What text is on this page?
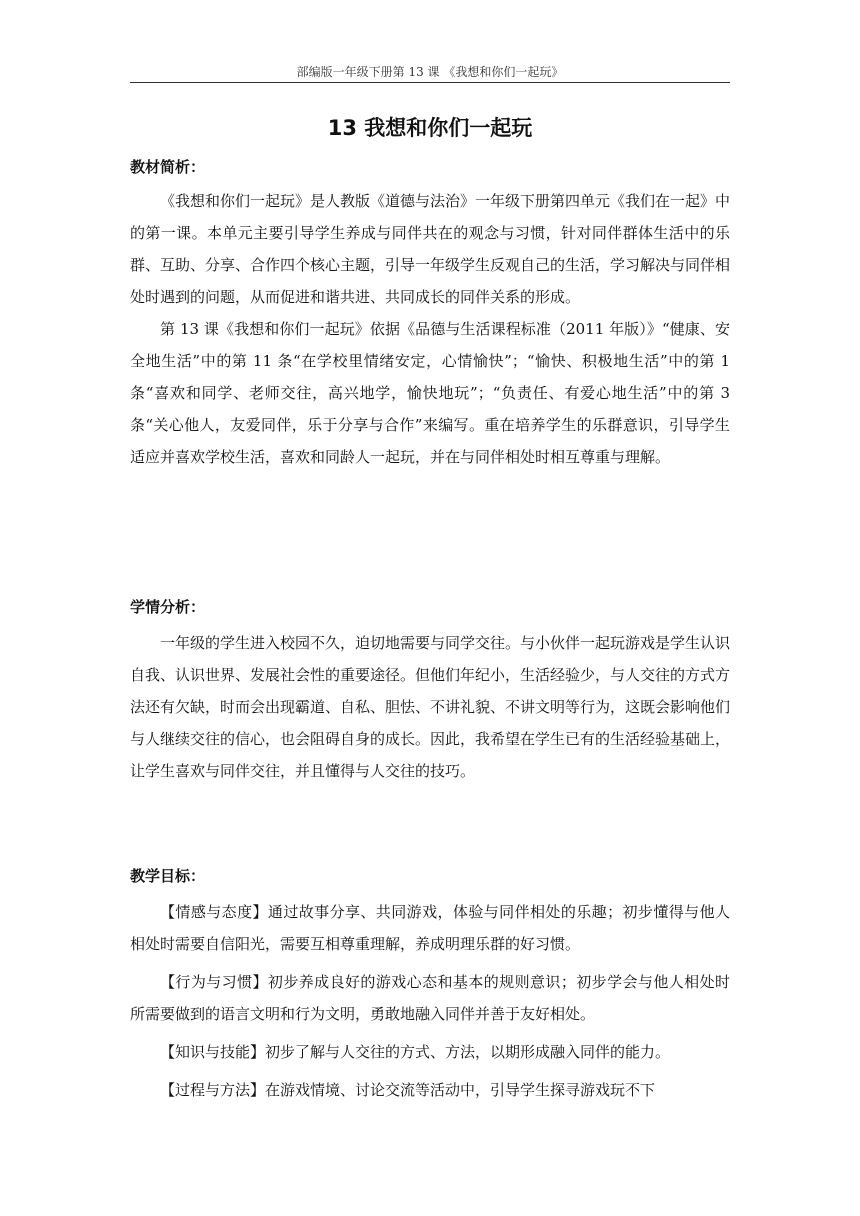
部编版一年级下册第 13 课 《我想和你们一起玩》
13 我想和你们一起玩

教材简析：

《我想和你们一起玩》是人教版《道德与法治》一年级下册第四单元《我们在一起》中的第一课。本单元主要引导学生养成与同伴共在的观念与习惯，针对同伴群体生活中的乐群、互助、分享、合作四个核心主题，引导一年级学生反观自己的生活，学习解决与同伴相处时遇到的问题，从而促进和谐共进、共同成长的同伴关系的形成。

第 13 课《我想和你们一起玩》依据《品德与生活课程标准（2011 年版）》“健康、安全地生活”中的第 11 条“在学校里情绪安定，心情愉快”；“愉快、积极地生活”中的第 1 条“喜欢和同学、老师交往，高兴地学，愉快地玩”；“负责任、有爱心地生活”中的第 3 条“关心他人，友爱同伴，乐于分享与合作”来编写。重在培养学生的乐群意识，引导学生适应并喜欢学校生活，喜欢和同龄人一起玩，并在与同伴相处时相互尊重与理解。

学情分析：

一年级的学生进入校园不久，迫切地需要与同学交往。与小伙伴一起玩游戏是学生认识自我、认识世界、发展社会性的重要途径。但他们年纪小，生活经验少，与人交往的方式方法还有欠缺，时而会出现霸道、自私、胆怯、不讲礼貌、不讲文明等行为，这既会影响他们与人继续交往的信心，也会阻碍自身的成长。因此，我希望在学生已有的生活经验基础上，让学生喜欢与同伴交往，并且懂得与人交往的技巧。

教学目标：

【情感与态度】通过故事分享、共同游戏，体验与同伴相处的乐趣；初步懂得与他人相处时需要自信阳光，需要互相尊重理解，养成明理乐群的好习惯。

【行为与习惯】初步养成良好的游戏心态和基本的规则意识；初步学会与他人相处时所需要做到的语言文明和行为文明，勇敢地融入同伴并善于友好相处。

【知识与技能】初步了解与人交往的方式、方法，以期形成融入同伴的能力。

【过程与方法】在游戏情境、讨论交流等活动中，引导学生探寻游戏玩不下
